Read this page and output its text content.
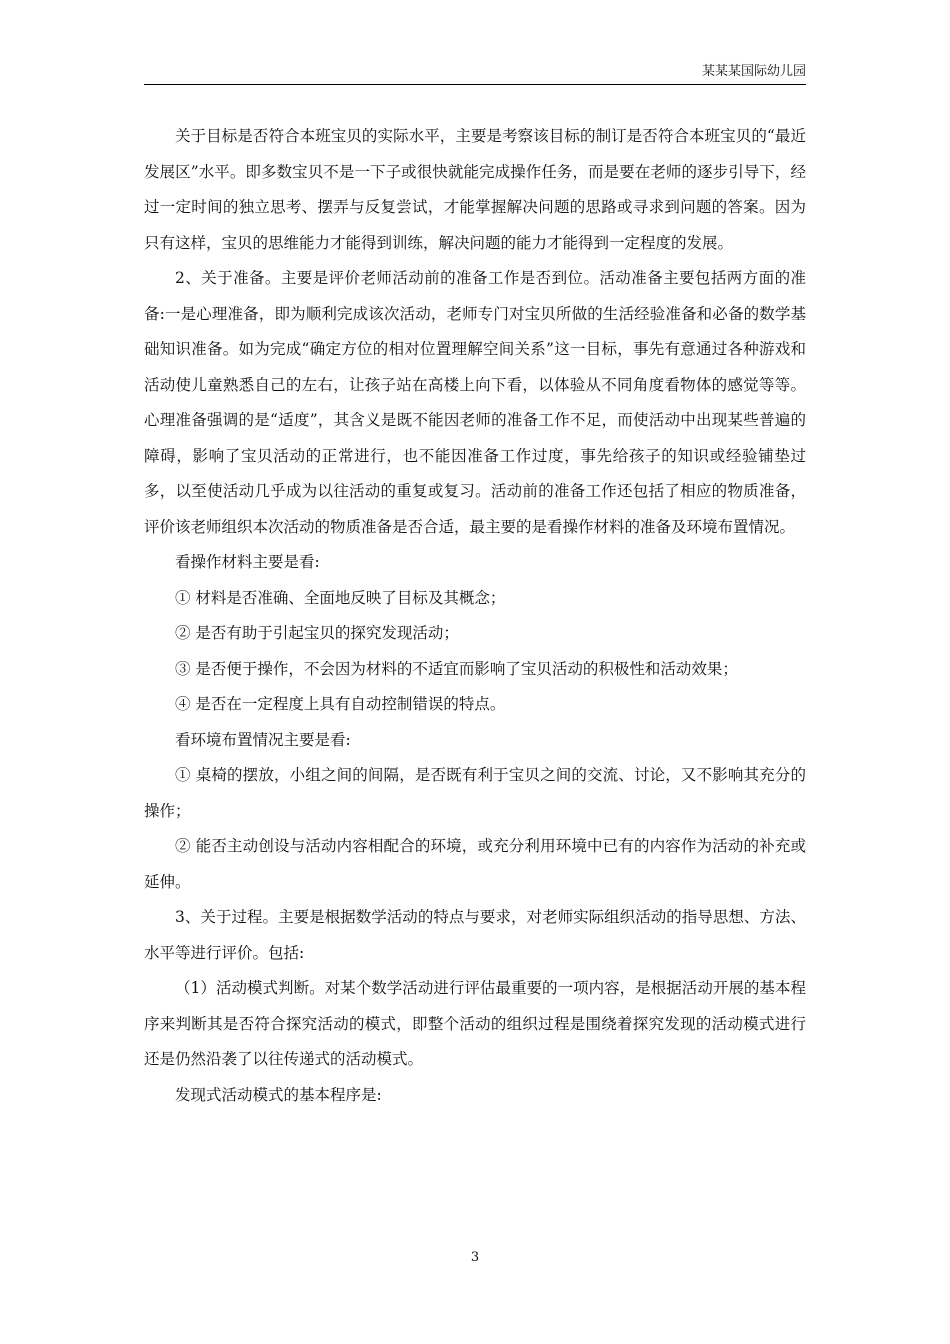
某某某国际幼儿园

关于目标是否符合本班宝贝的实际水平，主要是考察该目标的制订是否符合本班宝贝的“最近发展区”水平。即多数宝贝不是一下子或很快就能完成操作任务，而是要在老师的逐步引导下，经过一定时间的独立思考、摆弄与反复尝试，才能掌握解决问题的思路或寻求到问题的答案。因为只有这样，宝贝的思维能力才能得到训练，解决问题的能力才能得到一定程度的发展。

2、关于准备。主要是评价老师活动前的准备工作是否到位。活动准备主要包括两方面的准备:一是心理准备，即为顺利完成该次活动，老师专门对宝贝所做的生活经验准备和必备的数学基础知识准备。如为完成“确定方位的相对位置理解空间关系”这一目标，事先有意通过各种游戏和活动使儿童熟悉自己的左右，让孩子站在高楼上向下看，以体验从不同角度看物体的感觉等等。心理准备强调的是“适度”，其含义是既不能因老师的准备工作不足，而使活动中出现某些普遍的障碍，影响了宝贝活动的正常进行，也不能因准备工作过度，事先给孩子的知识或经验铺垫过多，以至使活动几乎成为以往活动的重复或复习。活动前的准备工作还包括了相应的物质准备，评价该老师组织本次活动的物质准备是否合适，最主要的是看操作材料的准备及环境布置情况。

看操作材料主要是看:

① 材料是否准确、全面地反映了目标及其概念；

② 是否有助于引起宝贝的探究发现活动；

③ 是否便于操作，不会因为材料的不适宜而影响了宝贝活动的积极性和活动效果；

④ 是否在一定程度上具有自动控制错误的特点。

看环境布置情况主要是看:

① 桌椅的摆放，小组之间的间隔，是否既有利于宝贝之间的交流、讨论，又不影响其充分的操作；

② 能否主动创设与活动内容相配合的环境，或充分利用环境中已有的内容作为活动的补充或延伸。

3、关于过程。主要是根据数学活动的特点与要求，对老师实际组织活动的指导思想、方法、水平等进行评价。包括:

（1）活动模式判断。对某个数学活动进行评估最重要的一项内容，是根据活动开展的基本程序来判断其是否符合探究活动的模式，即整个活动的组织过程是围绕着探究发现的活动模式进行还是仍然沿袭了以往传递式的活动模式。

发现式活动模式的基本程序是:

3
